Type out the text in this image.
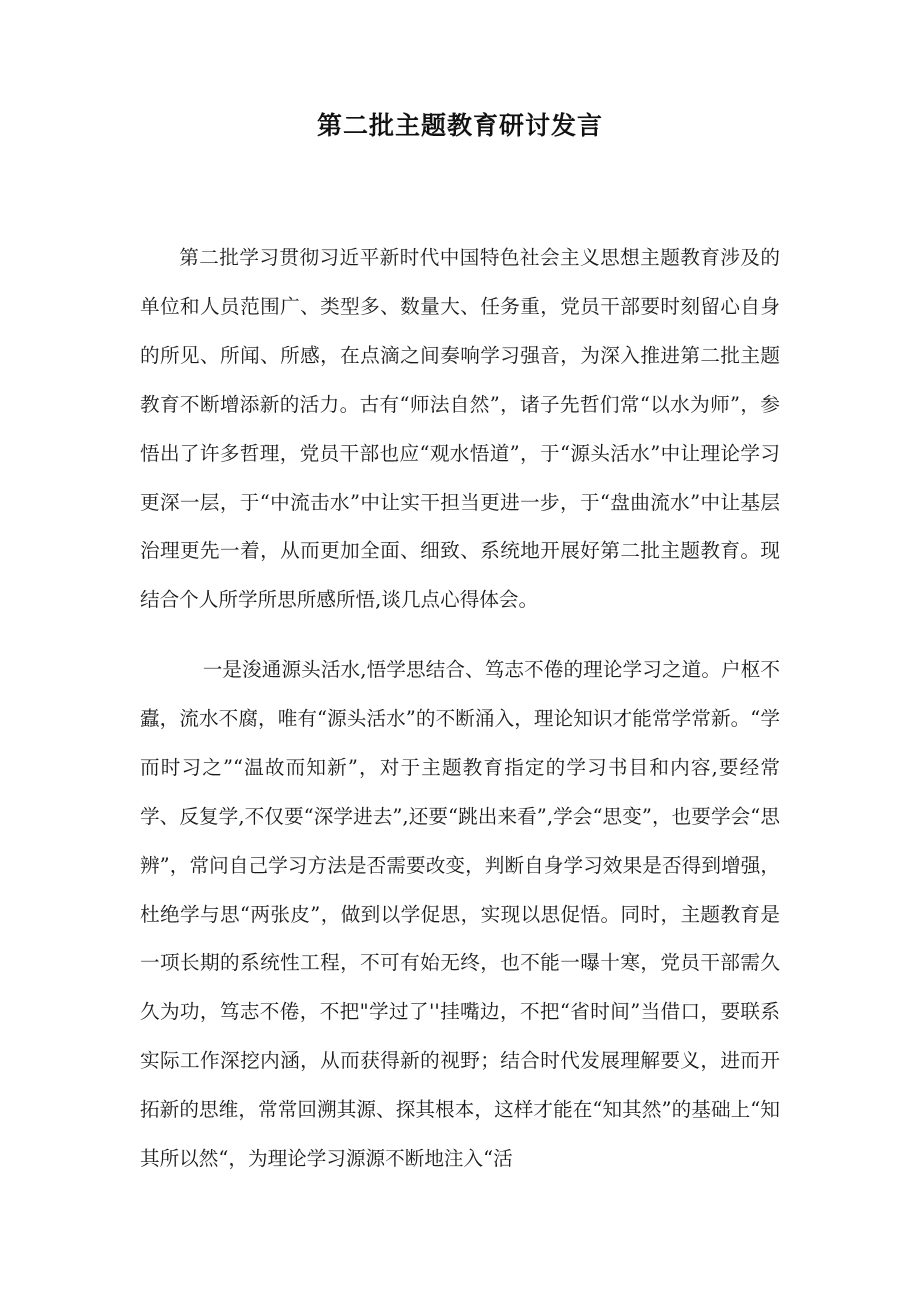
第二批主题教育研讨发言

第二批学习贯彻习近平新时代中国特色社会主义思想主题教育涉及的单位和人员范围广、类型多、数量大、任务重，党员干部要时刻留心自身的所见、所闻、所感，在点滴之间奏响学习强音，为深入推进第二批主题教育不断增添新的活力。古有“师法自然”，诸子先哲们常“以水为师”，参悟出了许多哲理，党员干部也应“观水悟道”，于“源头活水”中让理论学习更深一层，于“中流击水”中让实干担当更进一步，于“盘曲流水”中让基层治理更先一着，从而更加全面、细致、系统地开展好第二批主题教育。现结合个人所学所思所感所悟,谈几点心得体会。

一是浚通源头活水,悟学思结合、笃志不倦的理论学习之道。户枢不蠹，流水不腐，唯有“源头活水”的不断涌入，理论知识才能常学常新。“学而时习之”“温故而知新”，对于主题教育指定的学习书目和内容,要经常学、反复学,不仅要“深学进去”,还要“跳出来看”,学会“思变”，也要学会“思辨”，常问自己学习方法是否需要改变，判断自身学习效果是否得到增强，杜绝学与思“两张皮”，做到以学促思，实现以思促悟。同时，主题教育是一项长期的系统性工程，不可有始无终，也不能一曝十寒，党员干部需久久为功，笃志不倦，不把"学过了''挂嘴边，不把“省时间”当借口，要联系实际工作深挖内涵，从而获得新的视野；结合时代发展理解要义，进而开拓新的思维，常常回溯其源、探其根本，这样才能在“知其然”的基础上“知其所以然“，为理论学习源源不断地注入“活
